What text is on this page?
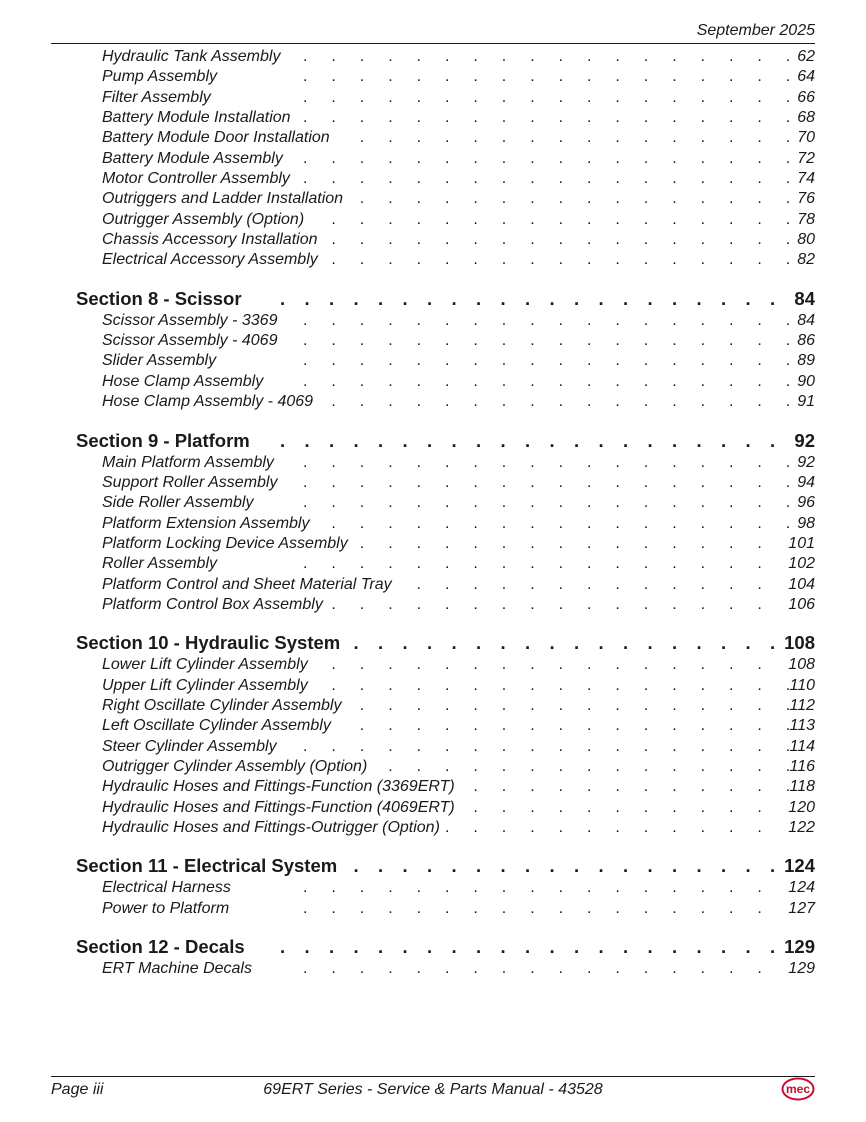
September 2025
Hydraulic Tank Assembly . . . . . . . . . . . . . . . . . . 62
Pump Assembly	. . . . . . . . . . . . . . . . . . 64
Filter Assembly	. . . . . . . . . . . . . . . . . . 66
Battery Module Installation . . . . . . . . . . . . . . . . . . 68
Battery Module Door Installation . . . . . . . . . . . . . . . . 70
Battery Module Assembly . . . . . . . . . . . . . . . . . . 72
Motor Controller Assembly . . . . . . . . . . . . . . . . . . 74
Outriggers and Ladder Installation . . . . . . . . . . . . . . . . 76
Outrigger Assembly (Option) . . . . . . . . . . . . . . . . . 78
Chassis Accessory Installation . . . . . . . . . . . . . . . . . 80
Electrical Accessory Assembly . . . . . . . . . . . . . . . . . 82
Section 8 - Scissor . . . . . . . . . . . . . . . . . . . . . 84
Scissor Assembly - 3369 . . . . . . . . . . . . . . . . . . 84
Scissor Assembly - 4069 . . . . . . . . . . . . . . . . . . 86
Slider Assembly	. . . . . . . . . . . . . . . . . . 89
Hose Clamp Assembly . . . . . . . . . . . . . . . . . . 90
Hose Clamp Assembly - 4069 . . . . . . . . . . . . . . . . . 91
Section 9 - Platform . . . . . . . . . . . . . . . . . . . . . 92
Main Platform Assembly . . . . . . . . . . . . . . . . . . 92
Support Roller Assembly . . . . . . . . . . . . . . . . . . 94
Side Roller Assembly	. . . . . . . . . . . . . . . . . . 96
Platform Extension Assembly . . . . . . . . . . . . . . . . . 98
Platform Locking Device Assembly . . . . . . . . . . . . . . . 101
Roller Assembly	. . . . . . . . . . . . . . . . . 102
Platform Control and Sheet Material Tray . . . . . . . . . . . . . 104
Platform Control Box Assembly . . . . . . . . . . . . . . . . 106
Section 10 - Hydraulic System . . . . . . . . . . . . . . . . . . 108
Lower Lift Cylinder Assembly . . . . . . . . . . . . . . . . 108
Upper Lift Cylinder Assembly . . . . . . . . . . . . . . . . . 110
Right Oscillate Cylinder Assembly . . . . . . . . . . . . . . . . 112
Left Oscillate Cylinder Assembly . . . . . . . . . . . . . . . . 113
Steer Cylinder Assembly . . . . . . . . . . . . . . . . . . 114
Outrigger Cylinder Assembly (Option) . . . . . . . . . . . . . . . 116
Hydraulic Hoses and Fittings-Function (3369ERT) . . . . . . . . . . . . 118
Hydraulic Hoses and Fittings-Function (4069ERT) . . . . . . . . . . . 120
Hydraulic Hoses and Fittings-Outrigger (Option) . . . . . . . . . . . . 122
Section 11 - Electrical System . . . . . . . . . . . . . . . . . . 124
Electrical Harness	. . . . . . . . . . . . . . . . . 124
Power to Platform	. . . . . . . . . . . . . . . . . 127
Section 12 - Decals . . . . . . . . . . . . . . . . . . . . . 129
ERT Machine Decals	. . . . . . . . . . . . . . . . . 129
Page iii	69ERT Series - Service & Parts Manual - 43528	mec
